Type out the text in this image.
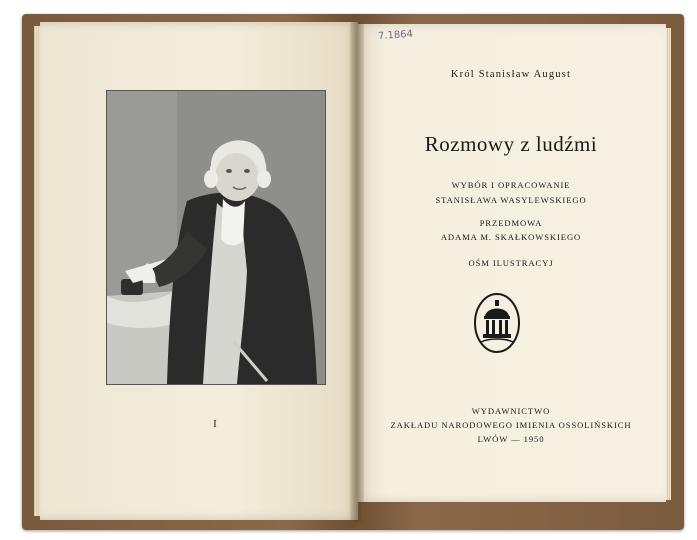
I
7.1864
Król Stanisław August
Rozmowy z ludźmi
WYBÓR I OPRACOWANIE
STANISŁAWA WASYLEWSKIEGO
PRZEDMOWA
ADAMA M. SKAŁKOWSKIEGO
OŚM ILUSTRACYJ
WYDAWNICTWO
ZAKŁADU NARODOWEGO IMIENIA OSSOLIŃSKICH
LWÓW — 1950
